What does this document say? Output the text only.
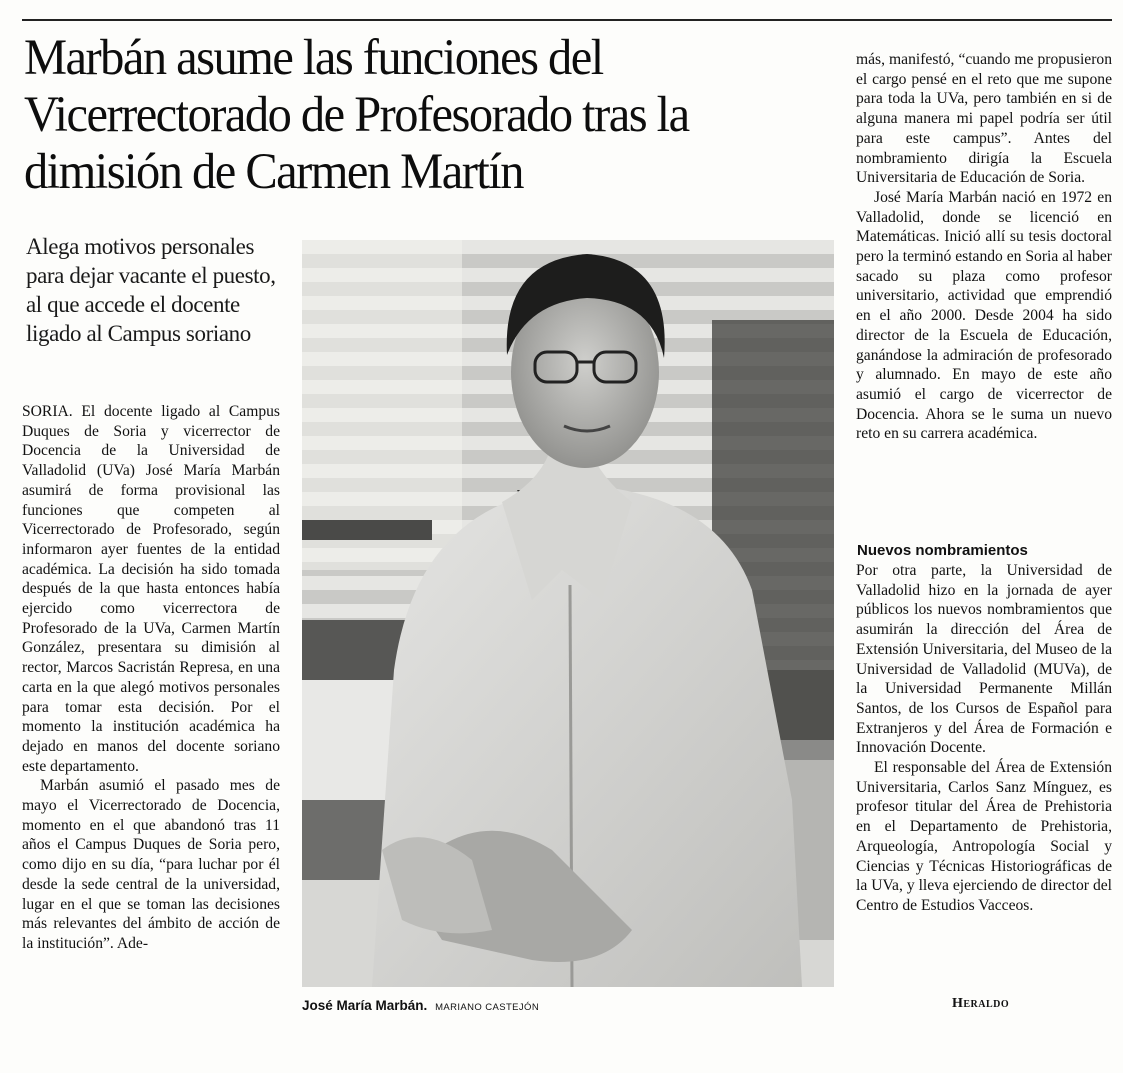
Marbán asume las funciones del Vicerrectorado de Profesorado tras la dimisión de Carmen Martín

Alega motivos personales para dejar vacante el puesto, al que accede el docente ligado al Campus soriano

SORIA. El docente ligado al Campus Duques de Soria y vicerrector de Docencia de la Universidad de Valladolid (UVa) José María Marbán asumirá de forma provisional las funciones que competen al Vicerrectorado de Profesorado, según informaron ayer fuentes de la entidad académica. La decisión ha sido tomada después de la que hasta entonces había ejercido como vicerrectora de Profesorado de la UVa, Carmen Martín González, presentara su dimisión al rector, Marcos Sacristán Represa, en una carta en la que alegó motivos personales para tomar esta decisión. Por el momento la institución académica ha dejado en manos del docente soriano este departamento.

Marbán asumió el pasado mes de mayo el Vicerrectorado de Docencia, momento en el que abandonó tras 11 años el Campus Duques de Soria pero, como dijo en su día, “para luchar por él desde la sede central de la universidad, lugar en el que se toman las decisiones más relevantes del ámbito de acción de la institución”. Ade-

José María Marbán. MARIANO CASTEJÓN

más, manifestó, “cuando me propusieron el cargo pensé en el reto que me supone para toda la UVa, pero también en si de alguna manera mi papel podría ser útil para este campus”. Antes del nombramiento dirigía la Escuela Universitaria de Educación de Soria.

José María Marbán nació en 1972 en Valladolid, donde se licenció en Matemáticas. Inició allí su tesis doctoral pero la terminó estando en Soria al haber sacado su plaza como profesor universitario, actividad que emprendió en el año 2000. Desde 2004 ha sido director de la Escuela de Educación, ganándose la admiración de profesorado y alumnado. En mayo de este año asumió el cargo de vicerrector de Docencia. Ahora se le suma un nuevo reto en su carrera académica.

Nuevos nombramientos

Por otra parte, la Universidad de Valladolid hizo en la jornada de ayer públicos los nuevos nombramientos que asumirán la dirección del Área de Extensión Universitaria, del Museo de la Universidad de Valladolid (MUVa), de la Universidad Permanente Millán Santos, de los Cursos de Español para Extranjeros y del Área de Formación e Innovación Docente.

El responsable del Área de Extensión Universitaria, Carlos Sanz Mínguez, es profesor titular del Área de Prehistoria en el Departamento de Prehistoria, Arqueología, Antropología Social y Ciencias y Técnicas Historiográficas de la UVa, y lleva ejerciendo de director del Centro de Estudios Vacceos.

Heraldo
